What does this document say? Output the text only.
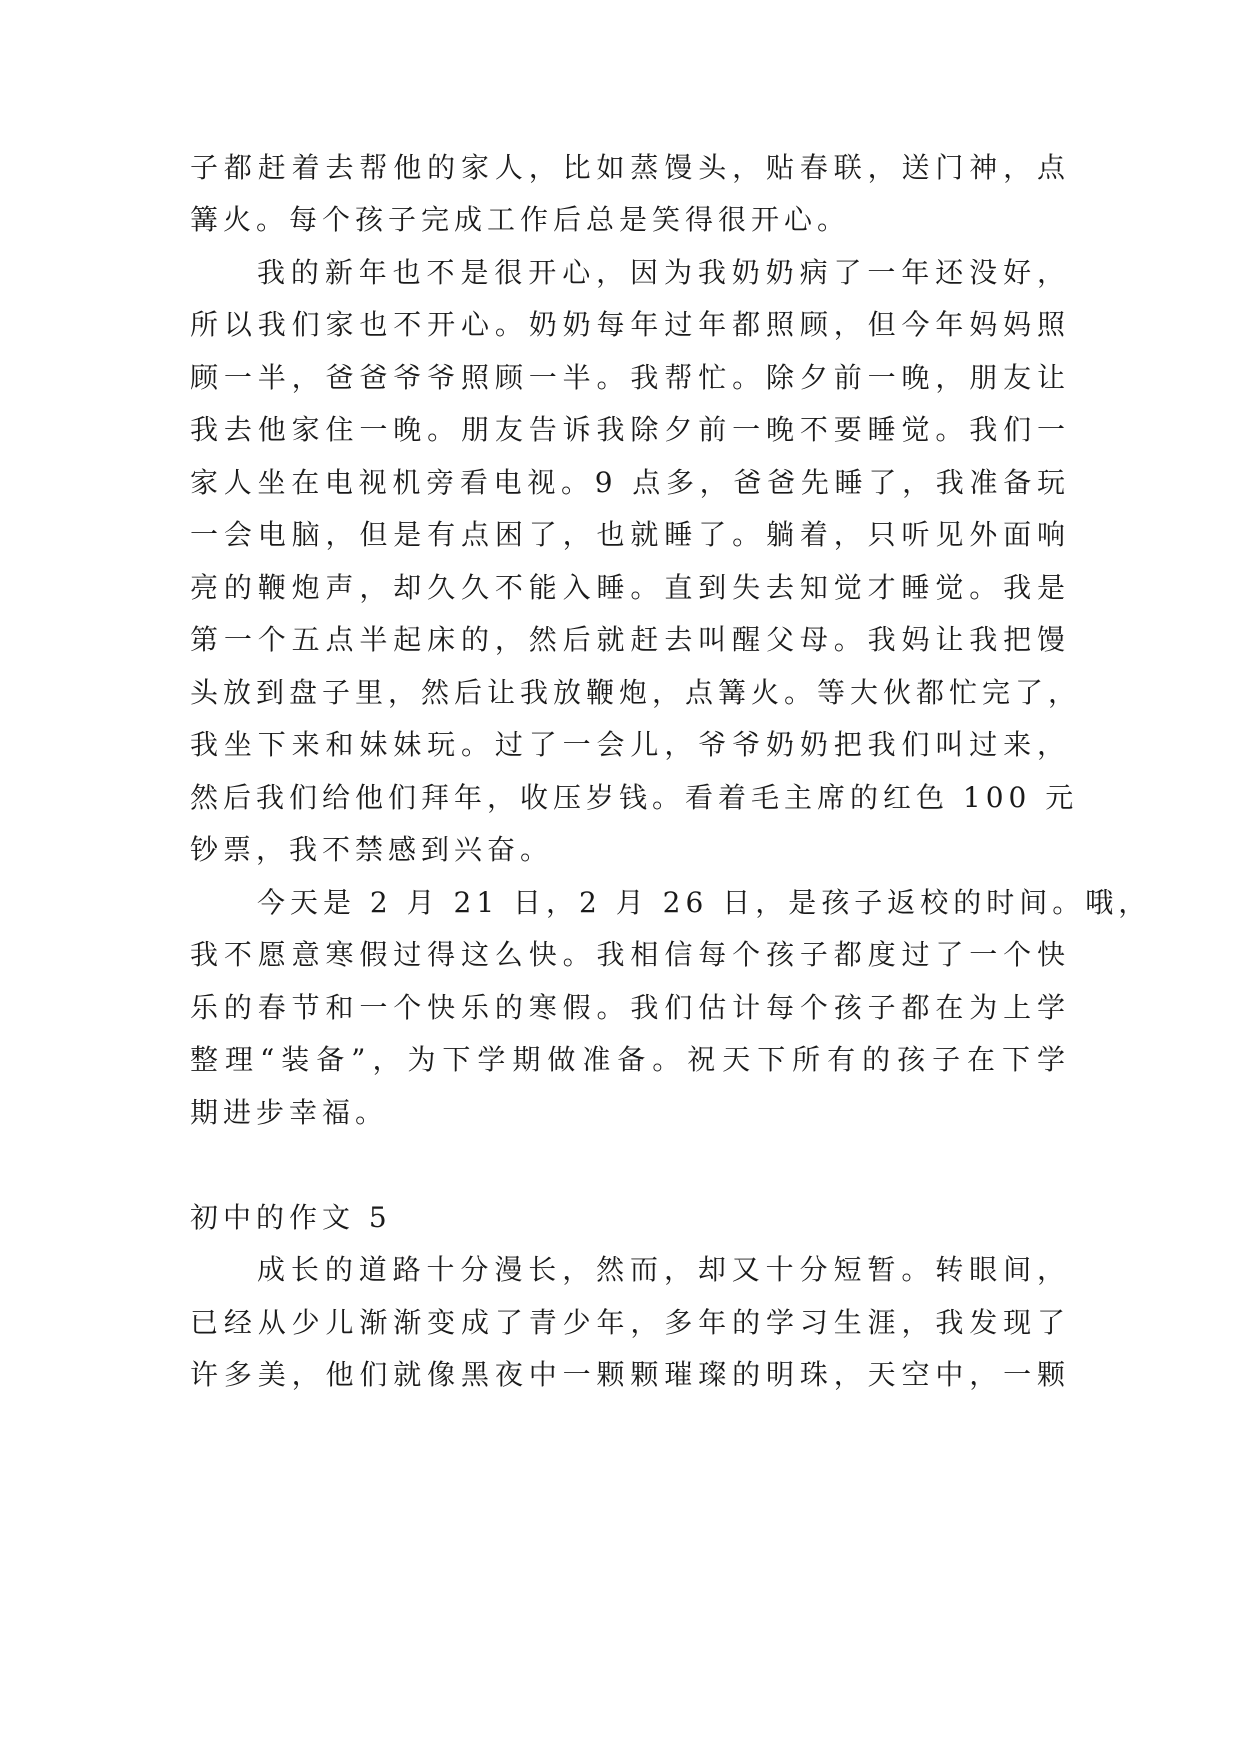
子都赶着去帮他的家人，比如蒸馒头，贴春联，送门神，点
篝火。每个孩子完成工作后总是笑得很开心。
我的新年也不是很开心，因为我奶奶病了一年还没好，
所以我们家也不开心。奶奶每年过年都照顾，但今年妈妈照
顾一半，爸爸爷爷照顾一半。我帮忙。除夕前一晚，朋友让
我去他家住一晚。朋友告诉我除夕前一晚不要睡觉。我们一
家人坐在电视机旁看电视。9 点多，爸爸先睡了，我准备玩
一会电脑，但是有点困了，也就睡了。躺着，只听见外面响
亮的鞭炮声，却久久不能入睡。直到失去知觉才睡觉。我是
第一个五点半起床的，然后就赶去叫醒父母。我妈让我把馒
头放到盘子里，然后让我放鞭炮，点篝火。等大伙都忙完了，
我坐下来和妹妹玩。过了一会儿，爷爷奶奶把我们叫过来，
然后我们给他们拜年，收压岁钱。看着毛主席的红色 100 元
钞票，我不禁感到兴奋。
今天是 2 月 21 日，2 月 26 日，是孩子返校的时间。哦，
我不愿意寒假过得这么快。我相信每个孩子都度过了一个快
乐的春节和一个快乐的寒假。我们估计每个孩子都在为上学
整理“装备”，为下学期做准备。祝天下所有的孩子在下学
期进步幸福。
初中的作文 5
成长的道路十分漫长，然而，却又十分短暂。转眼间，
已经从少儿渐渐变成了青少年，多年的学习生涯，我发现了
许多美，他们就像黑夜中一颗颗璀璨的明珠，天空中，一颗
